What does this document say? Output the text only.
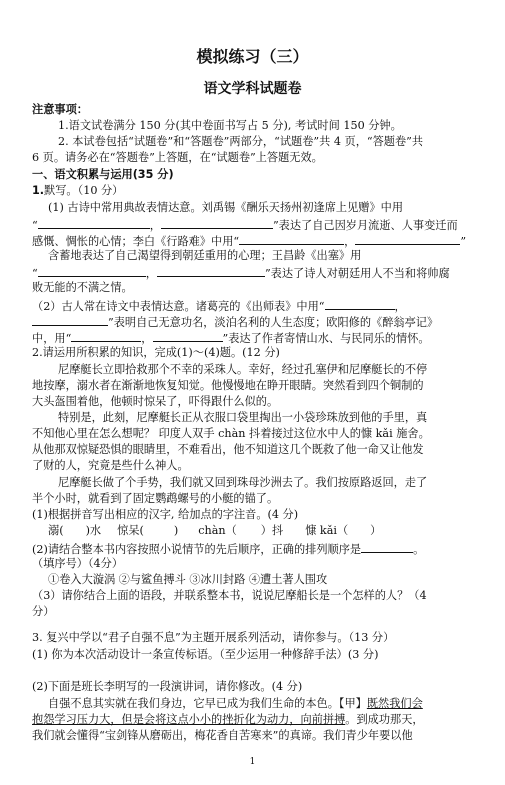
模拟练习（三）
语文学科试题卷
注意事项：
1.语文试卷满分 150 分(其中卷面书写占 5 分), 考试时间 150 分钟。
2. 本试卷包括“试题卷”和“答题卷”两部分，“试题卷”共 4 页，“答题卷”共
6 页。请务必在“答题卷”上答题，在“试题卷”上答题无效。
一、语文积累与运用(35 分)
1.默写。（10 分）
(1) 古诗中常用典故表情达意。刘禹锡《酬乐天扬州初逢席上见赠》中用
“	，	”表达了自己因岁月流逝、人事变迁而
感慨、惆怅的心情；李白《行路难》中用“	，	”
含蓄地表达了自己渴望得到朝廷重用的心理；王昌龄《出塞》用
“	，	”表达了诗人对朝廷用人不当和将帅腐
败无能的不满之情。
（2）古人常在诗文中表情达意。诸葛亮的《出师表》中用“	，
”表明自己无意功名，淡泊名利的人生态度；欧阳修的《醉翁亭记》
中，用“	，	”表达了作者寄情山水、与民同乐的情怀。
2.请运用所积累的知识，完成(1)～(4)题。(12 分)
尼摩艇长立即拾救那个不幸的采珠人。幸好，经过孔塞伊和尼摩艇长的不停
地按摩，溺水者在渐渐地恢复知觉。他慢慢地在睁开眼睛。突然看到四个铜制的
大头盔围着他，他顿时惊呆了，吓得跟什么似的。
特别是，此刻，尼摩艇长正从衣服口袋里掏出一小袋珍珠放到他的手里，真
不知他心里在怎么想呢？ 印度人双手 chàn 抖着接过这位水中人的慷 kǎi 施舍。
从他那双惊疑恐惧的眼睛里，不难看出，他不知道这几个既救了他一命又让他发
了财的人，究竟是些什么神人。
尼摩艇长做了个手势，我们就又回到珠母沙洲去了。我们按原路返回，走了
半个小时，就看到了固定鹦鹉螺号的小艇的锚了。
(1)根据拼音写出相应的汉字, 给加点的字注音。(4 分)
溺( )水 惊呆(	) chàn（ ）抖 慷 kǎi（ ）
(2)请结合整本书内容按照小说情节的先后顺序，正确的排列顺序是	。
（填序号）（4分）
①卷入大漩涡 ②与鲨鱼搏斗 ③冰川封路 ④遭土著人围攻
（3）请你结合上面的语段，并联系整本书，说说尼摩船长是一个怎样的人？（4
分）
3. 复兴中学以“君子自强不息”为主题开展系列活动，请你参与。（13 分）
(1) 你为本次活动设计一条宣传标语。（至少运用一种修辞手法）(3 分)
(2)下面是班长李明写的一段演讲词，请你修改。(4 分)
自强不息其实就在我们身边，它早已成为我们生命的本色。【甲】既然我们会
抱怨学习压力大，但是会将这点小小的挫折化为动力，向前拼搏。到成功那天，
我们就会懂得“宝剑锋从磨砺出，梅花香自苦寒来”的真谛。我们青少年要以他
1
